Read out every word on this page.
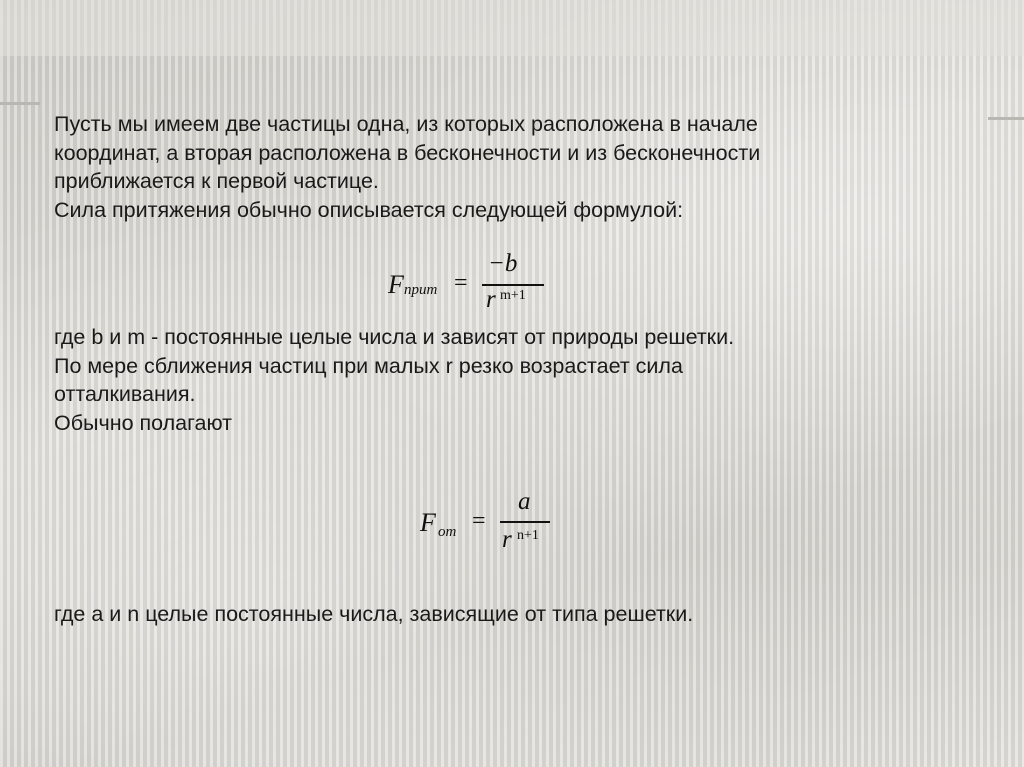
Пусть мы имеем две частицы одна, из которых расположена в начале
координат, а вторая расположена в бесконечности и из бесконечности
приближается к первой частице.
Сила притяжения обычно описывается следующей формулой:
F прит =
−b
r m+1
где b и m - постоянные целые числа и зависят от природы решетки.
По мере сближения частиц при малых r резко возрастает сила
отталкивания.
Обычно полагают
F от =
a
r n+1
где a и n целые постоянные числа, зависящие от типа решетки.
